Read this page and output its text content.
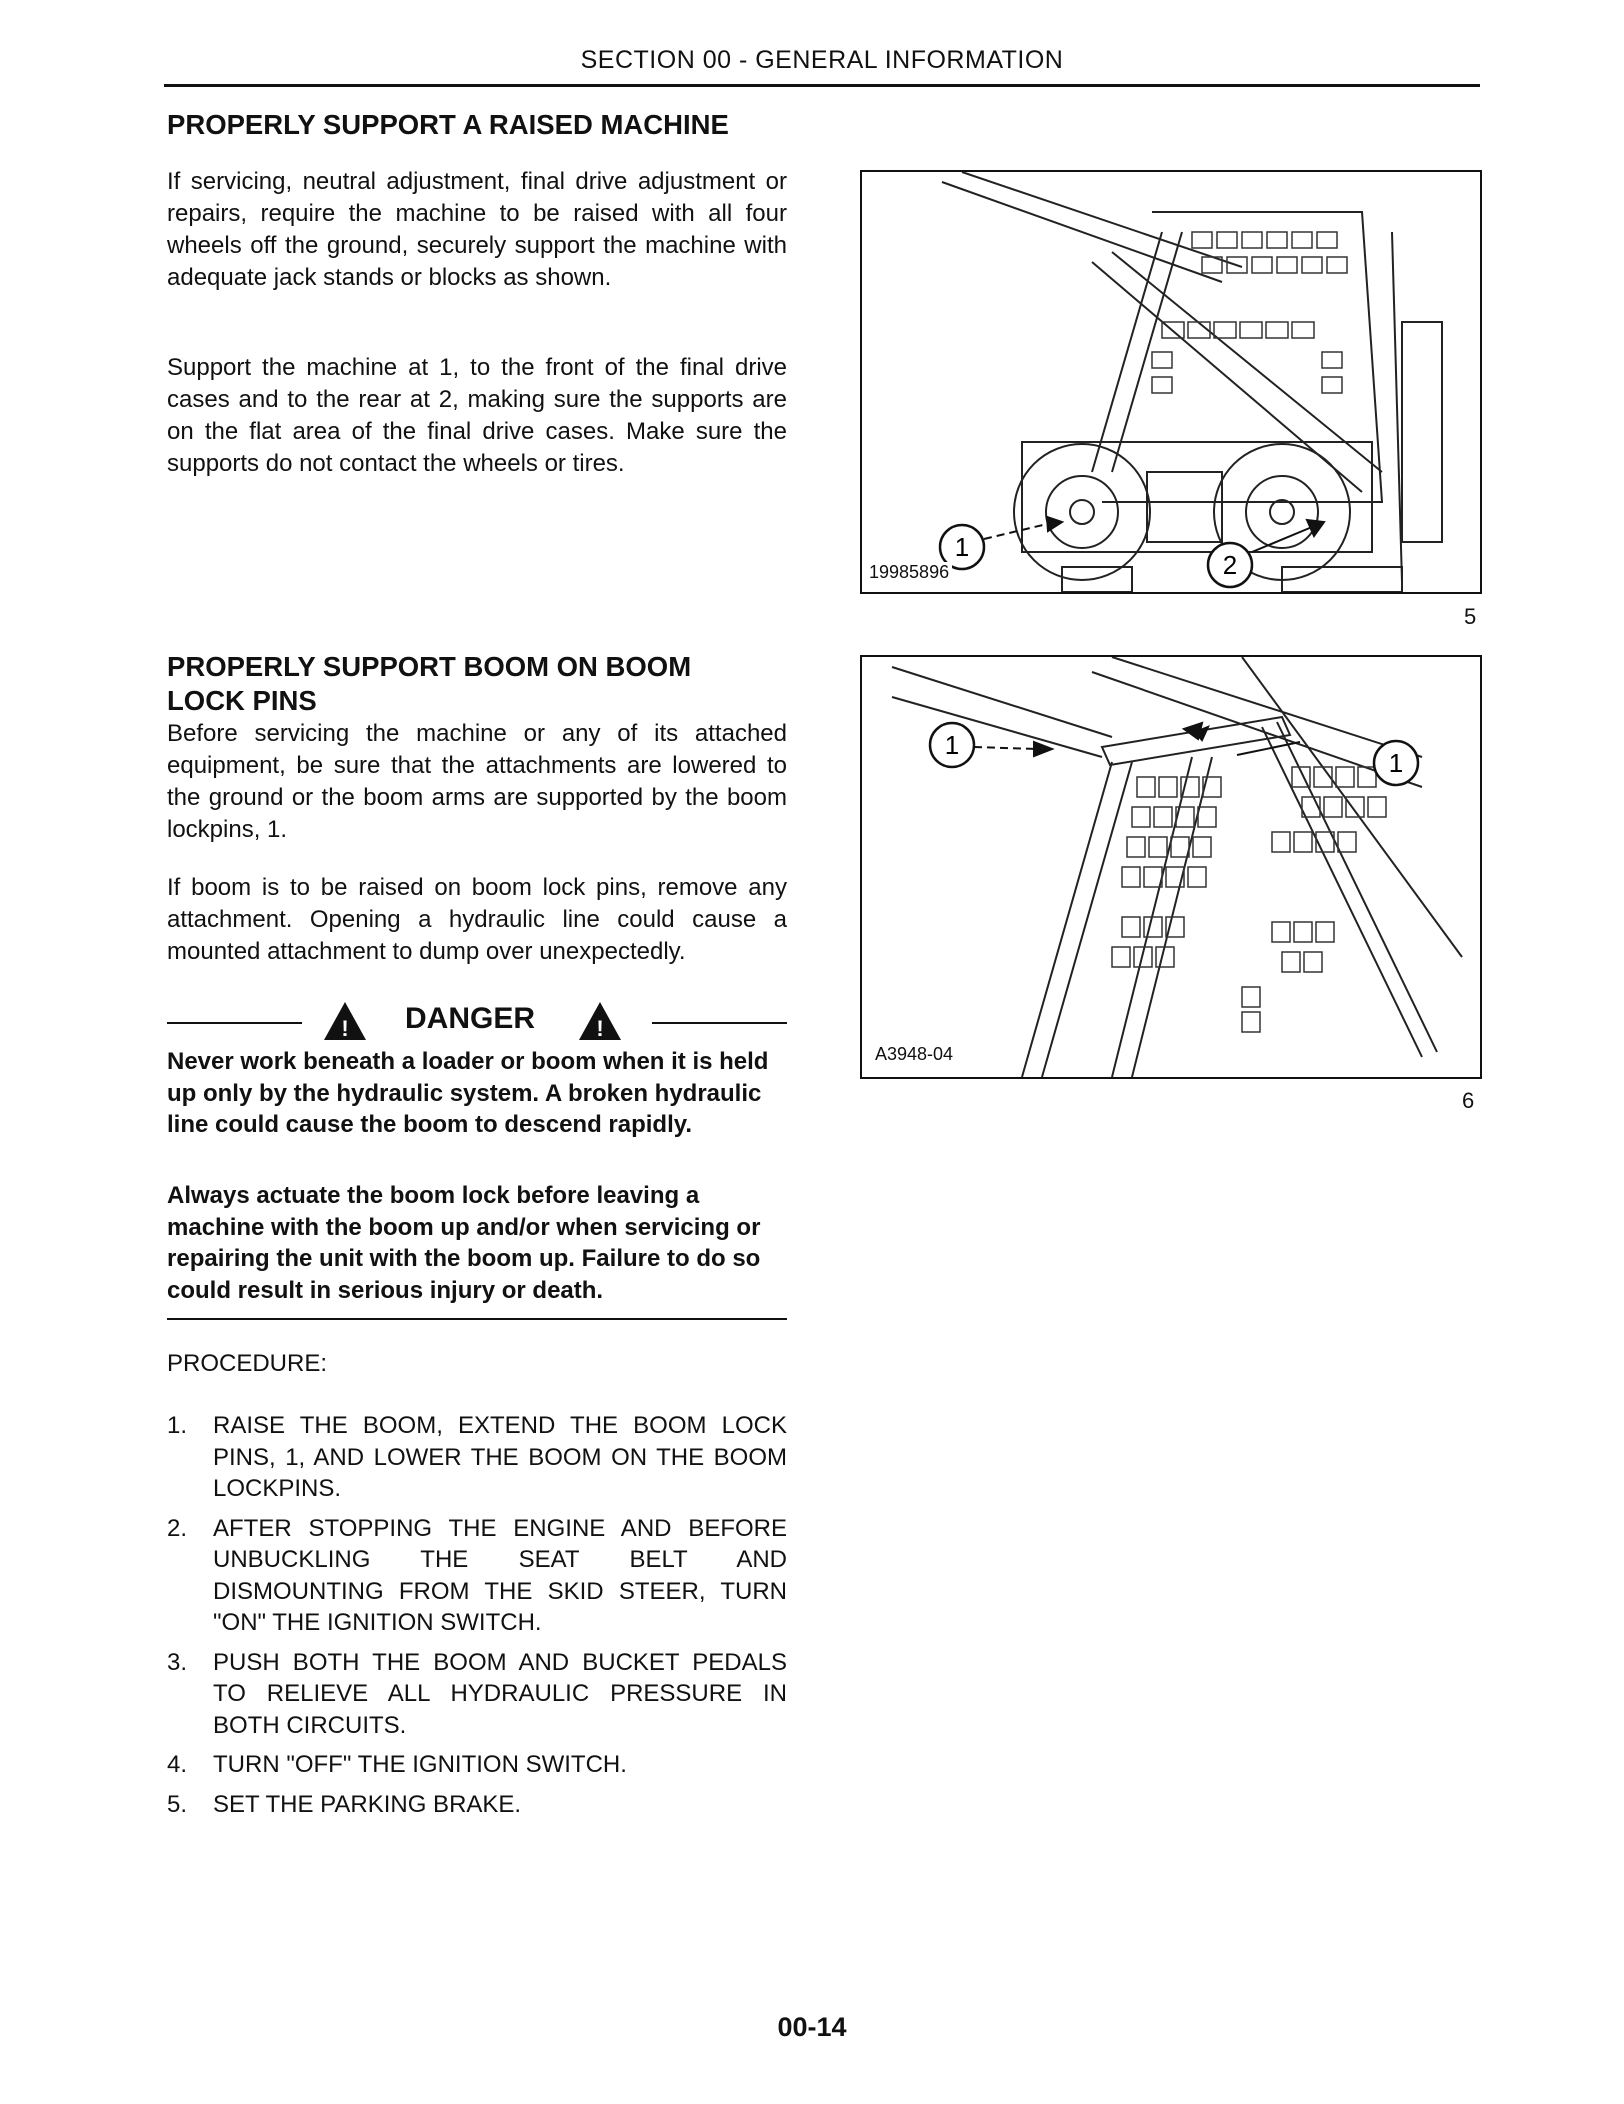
SECTION 00 - GENERAL INFORMATION
PROPERLY SUPPORT A RAISED MACHINE

If servicing, neutral adjustment, final drive adjustment or repairs, require the machine to be raised with all four wheels off the ground, securely support the machine with adequate jack stands or blocks as shown.

Support the machine at 1, to the front of the final drive cases and to the rear at 2, making sure the supports are on the flat area of the final drive cases. Make sure the supports do not contact the wheels or tires.

1
2
19985896
5
PROPERLY SUPPORT BOOM ON BOOM
LOCK PINS

Before servicing the machine or any of its attached equipment, be sure that the attachments are lowered to the ground or the boom arms are supported by the boom lockpins, 1.

If boom is to be raised on boom lock pins, remove any attachment. Opening a hydraulic line could cause a mounted attachment to dump over unexpectedly.

1
1
A3948-04
6
! DANGER	!

Never work beneath a loader or boom when it is held up only by the hydraulic system. A broken hydraulic line could cause the boom to descend rapidly.

Always actuate the boom lock before leaving a machine with the boom up and/or when servicing or repairing the unit with the boom up. Failure to do so could result in serious injury or death.

PROCEDURE:
1. RAISE THE BOOM, EXTEND THE BOOM LOCK PINS, 1, AND LOWER THE BOOM ON THE BOOM LOCKPINS.
2. AFTER STOPPING THE ENGINE AND BEFORE UNBUCKLING THE SEAT BELT AND DISMOUNTING FROM THE SKID STEER, TURN "ON" THE IGNITION SWITCH.
3. PUSH BOTH THE BOOM AND BUCKET PEDALS TO RELIEVE ALL HYDRAULIC PRESSURE IN BOTH CIRCUITS.
4. TURN "OFF" THE IGNITION SWITCH.
5. SET THE PARKING BRAKE.
00-14
